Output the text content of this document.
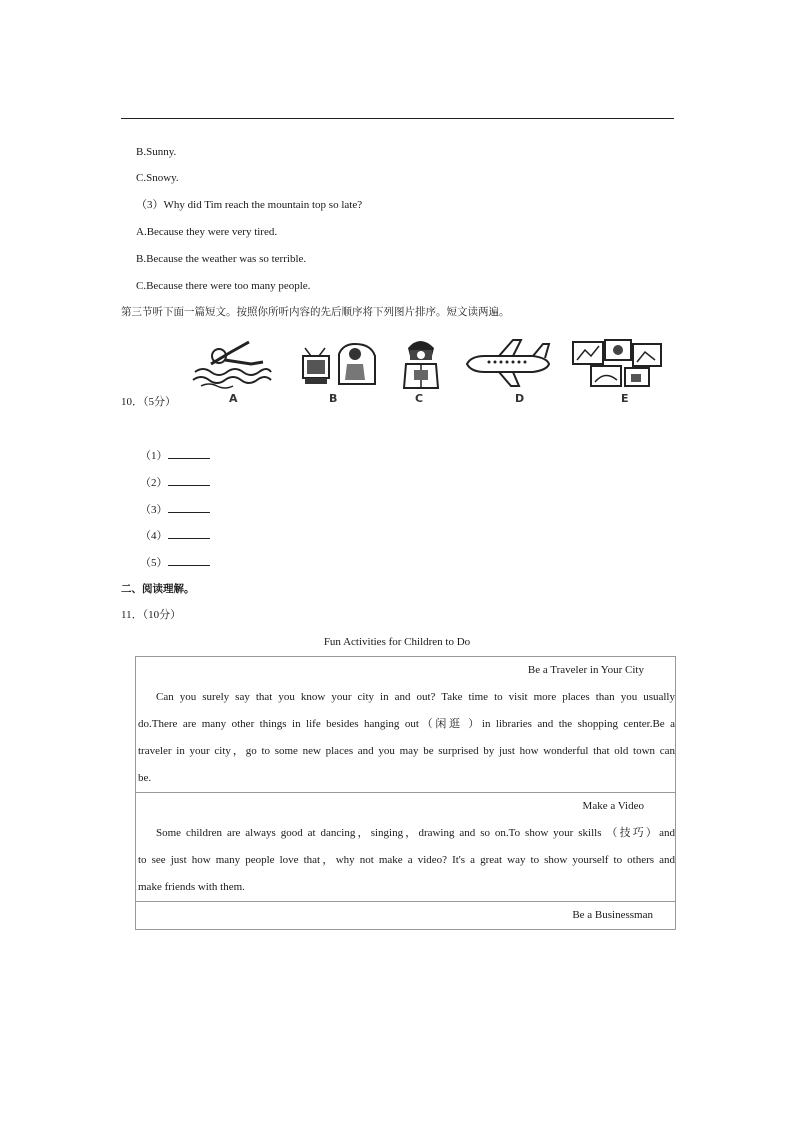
B.Sunny.
C.Snowy.
（3）Why did Tim reach the mountain top so late?
A.Because they were very tired.
B.Because the weather was so terrible.
C.Because there were too many people.
第三节听下面一篇短文。按照你所听内容的先后顺序将下列图片排序。短文读两遍。
A	B	C	D	E
10．（5分）
（1）
（2）
（3）
（4）
（5）
二、阅读理解。
11．（10分）
Fun Activities for Children to Do
Be a Traveler in Your City
Can you surely say that you know your city in and out? Take time to visit more places than you usually
do.There are many other things in life besides hanging out（闲逛 ）in libraries and the shopping center.Be a
traveler in your city，go to some new places and you may be surprised by just how wonderful that old town can
be.

Make a Video
Some children are always good at dancing，singing，drawing and so on.To show your skills （技巧）and
to see just how many people love that，why not make a video? It's a great way to show yourself to others and
make friends with them.

Be a Businessman
